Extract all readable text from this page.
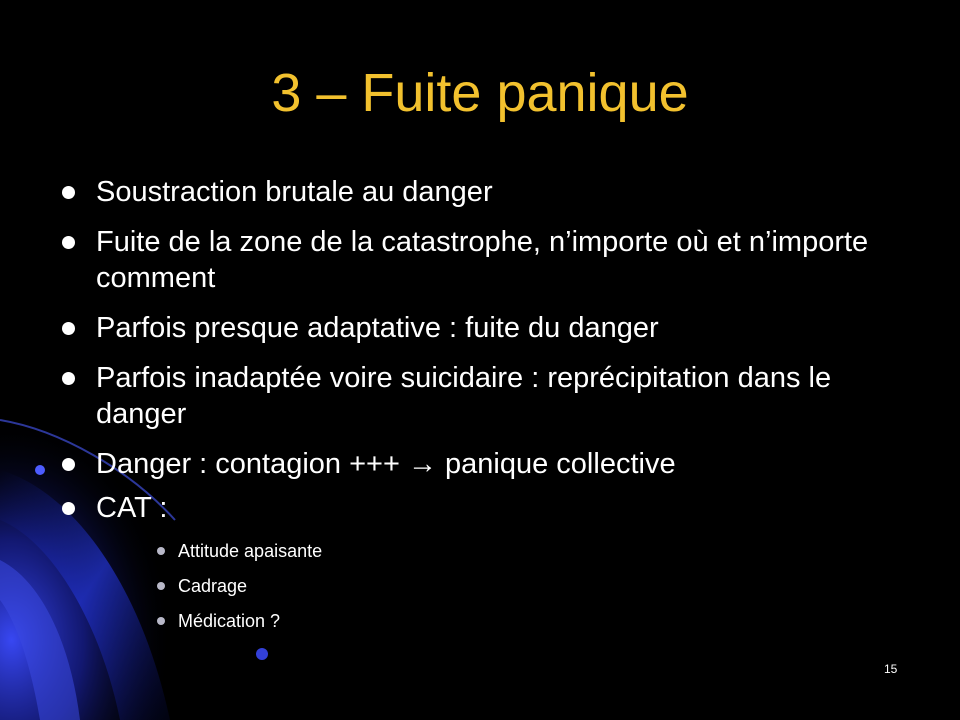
3 – Fuite panique
Soustraction brutale au danger
Fuite de la zone de la catastrophe, n’importe où et n’importe comment
Parfois presque adaptative : fuite du danger
Parfois inadaptée voire suicidaire : reprécipitation dans le danger
Danger : contagion +++ → panique collective
CAT :
Attitude apaisante
Cadrage
Médication ?
15
